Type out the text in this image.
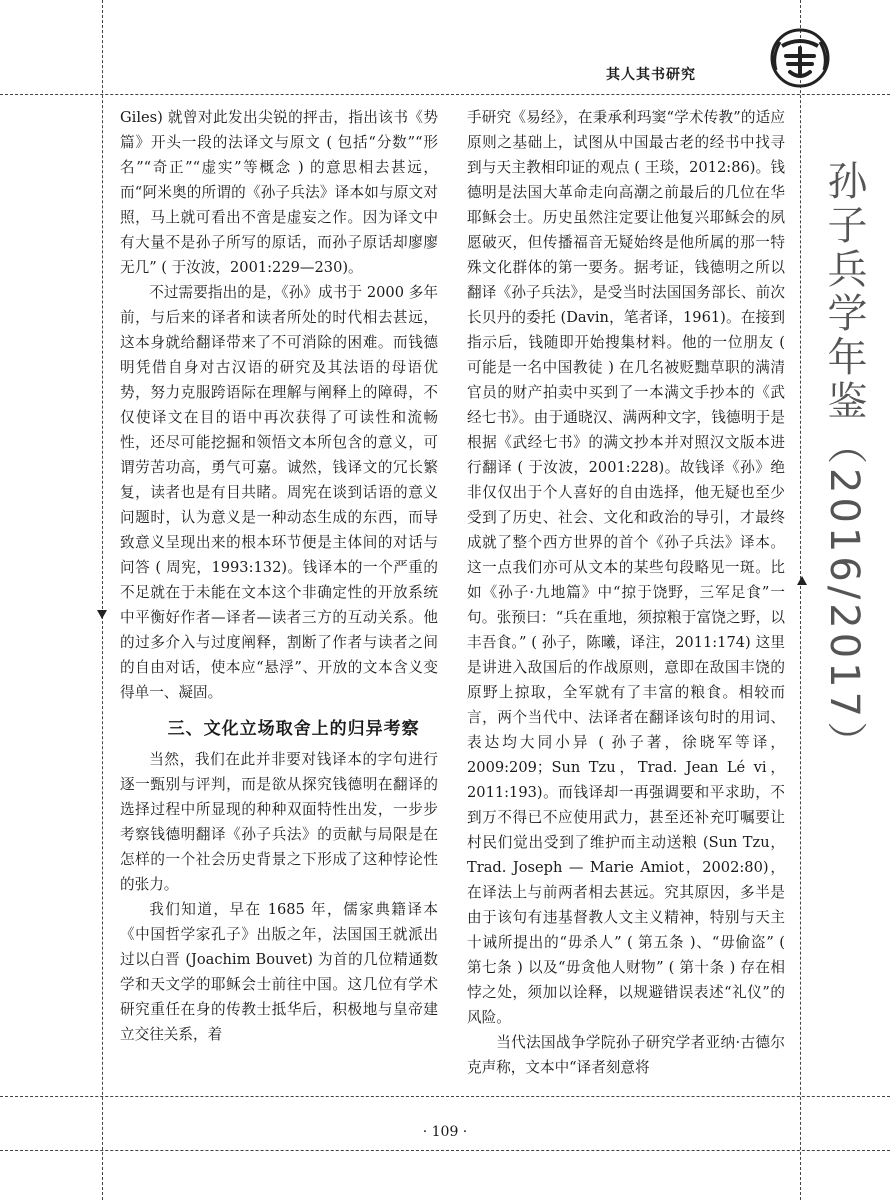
其人其书研究
孙子兵学年鉴（2016/2017）

Giles) 就曾对此发出尖锐的抨击，指出该书《势篇》开头一段的法译文与原文 ( 包括“分数”“形名”“奇正”“虚实”等概念 ) 的意思相去甚远，而“阿米奥的所谓的《孙子兵法》译本如与原文对照，马上就可看出不啻是虚妄之作。因为译文中有大量不是孙子所写的原话，而孙子原话却廖廖无几” ( 于汝波，2001:229—230)。

不过需要指出的是，《孙》成书于 2000 多年前，与后来的译者和读者所处的时代相去甚远，这本身就给翻译带来了不可消除的困难。而钱德明凭借自身对古汉语的研究及其法语的母语优势，努力克服跨语际在理解与阐释上的障碍，不仅使译文在目的语中再次获得了可读性和流畅性，还尽可能挖掘和领悟文本所包含的意义，可谓劳苦功高，勇气可嘉。诚然，钱译文的冗长繁复，读者也是有目共睹。周宪在谈到话语的意义问题时，认为意义是一种动态生成的东西，而导致意义呈现出来的根本环节便是主体间的对话与问答 ( 周宪，1993:132)。钱译本的一个严重的不足就在于未能在文本这个非确定性的开放系统中平衡好作者—译者—读者三方的互动关系。他的过多介入与过度阐释，割断了作者与读者之间的自由对话，使本应“悬浮”、开放的文本含义变得单一、凝固。

三、文化立场取舍上的归异考察

当然，我们在此并非要对钱译本的字句进行逐一甄别与评判，而是欲从探究钱德明在翻译的选择过程中所显现的种种双面特性出发，一步步考察钱德明翻译《孙子兵法》的贡献与局限是在怎样的一个社会历史背景之下形成了这种悖论性的张力。

我们知道，早在 1685 年，儒家典籍译本《中国哲学家孔子》出版之年，法国国王就派出过以白晋 (Joachim Bouvet) 为首的几位精通数学和天文学的耶稣会士前往中国。这几位有学术研究重任在身的传教士抵华后，积极地与皇帝建立交往关系，着

手研究《易经》，在秉承利玛窦“学术传教”的适应原则之基础上，试图从中国最古老的经书中找寻到与天主教相印证的观点 ( 王琰，2012:86)。钱德明是法国大革命走向高潮之前最后的几位在华耶稣会士。历史虽然注定要让他复兴耶稣会的夙愿破灭，但传播福音无疑始终是他所属的那一特殊文化群体的第一要务。据考证，钱德明之所以翻译《孙子兵法》，是受当时法国国务部长、前次长贝丹的委托 (Davin，笔者译，1961)。在接到指示后，钱随即开始搜集材料。他的一位朋友 ( 可能是一名中国教徒 ) 在几名被贬黜草职的满清官员的财产拍卖中买到了一本满文手抄本的《武经七书》。由于通晓汉、满两种文字，钱德明于是根据《武经七书》的满文抄本并对照汉文版本进行翻译 ( 于汝波，2001:228)。故钱译《孙》绝非仅仅出于个人喜好的自由选择，他无疑也至少受到了历史、社会、文化和政治的导引，才最终成就了整个西方世界的首个《孙子兵法》译本。这一点我们亦可从文本的某些句段略见一斑。比如《孙子·九地篇》中“掠于饶野，三军足食”一句。张预曰：“兵在重地，须掠粮于富饶之野，以丰吾食。” ( 孙子，陈曦，译注，2011:174) 这里是讲进入敌国后的作战原则，意即在敌国丰饶的原野上掠取，全军就有了丰富的粮食。相较而言，两个当代中、法译者在翻译该句时的用词、表达均大同小异 ( 孙子著，徐晓军等译，2009:209；Sun Tzu，Trad. Jean Lé vi，2011:193)。而钱译却一再强调要和平求助，不到万不得已不应使用武力，甚至还补充叮嘱要让村民们觉出受到了维护而主动送粮 (Sun Tzu，Trad. Joseph — Marie Amiot，2002:80)，在译法上与前两者相去甚远。究其原因，多半是由于该句有违基督教人文主义精神，特别与天主十诫所提出的“毋杀人” ( 第五条 )、“毋偷盗” ( 第七条 ) 以及“毋贪他人财物” ( 第十条 ) 存在相悖之处，须加以诠释，以规避错误表述“礼仪”的风险。

当代法国战争学院孙子研究学者亚纳·古德尔克声称，文本中“译者刻意将

· 109 ·
